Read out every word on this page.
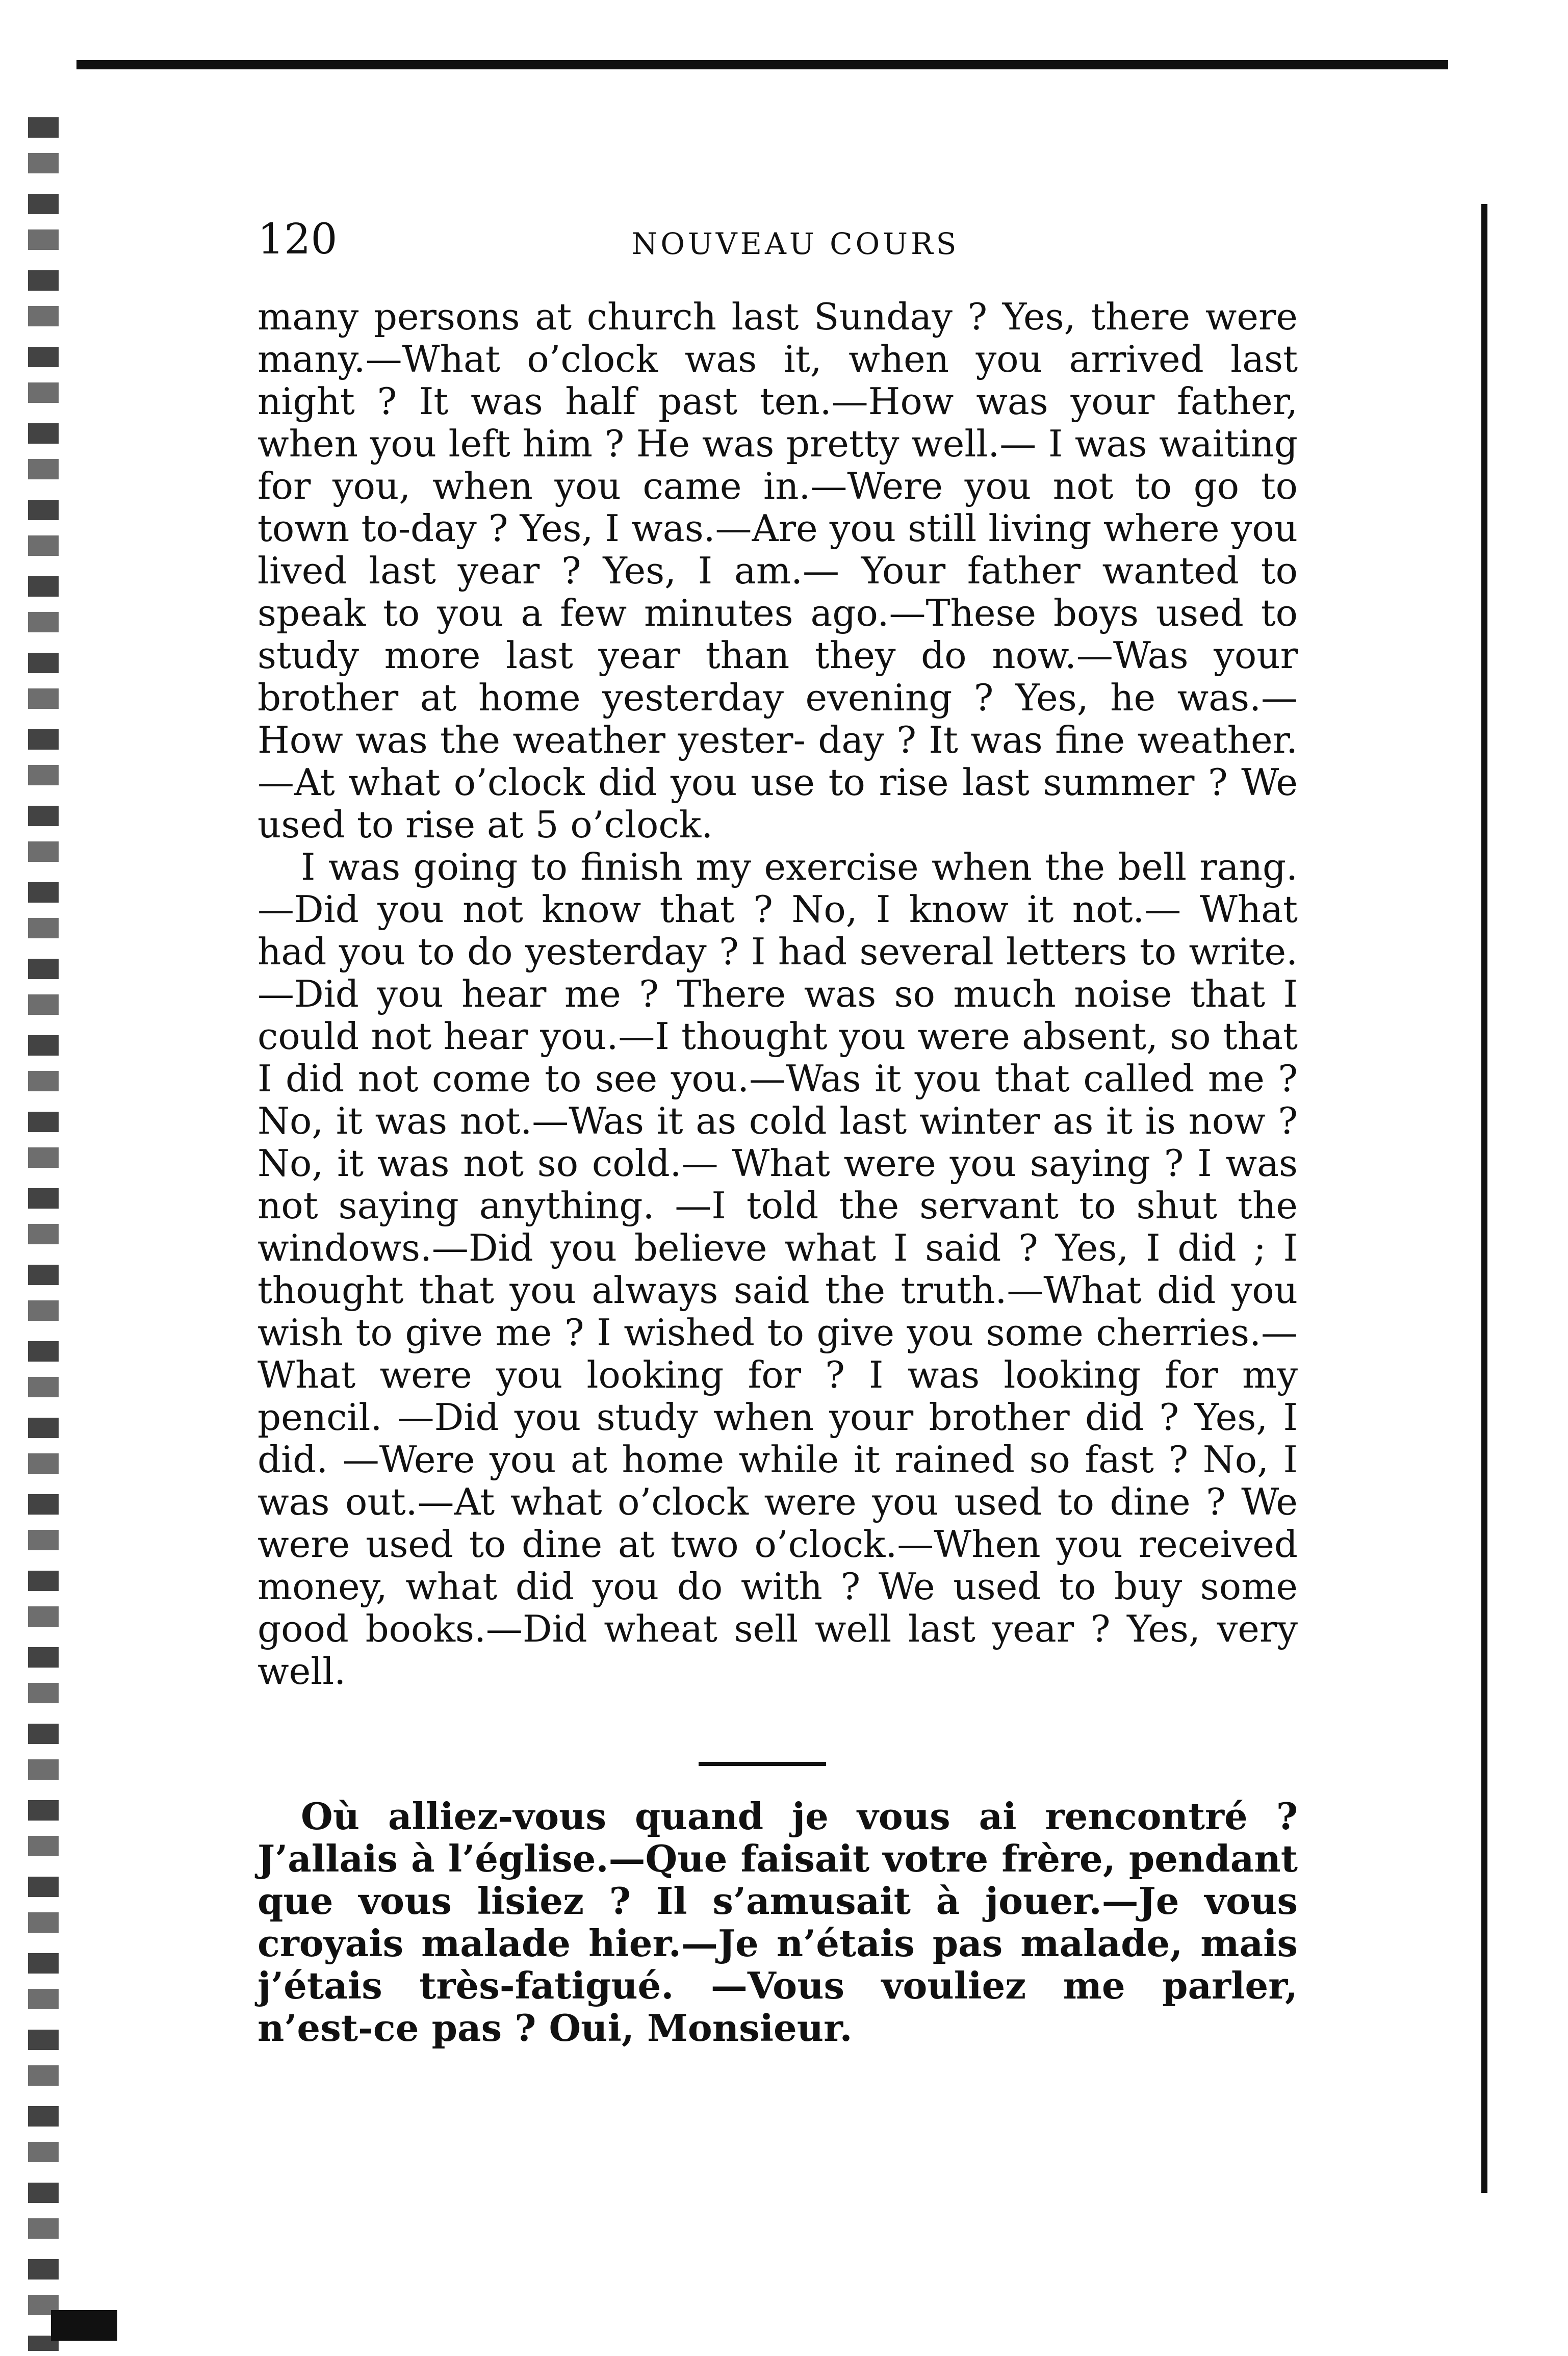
120	NOUVEAU COURS

many persons at church last Sunday ? Yes, there were many.—What o’clock was it, when you arrived last night ? It was half past ten.—How was your father, when you left him ? He was pretty well.— I was waiting for you, when you came in.—Were you not to go to town to-day ? Yes, I was.—Are you still living where you lived last year ? Yes, I am.— Your father wanted to speak to you a few minutes ago.—These boys used to study more last year than they do now.—Was your brother at home yesterday evening ? Yes, he was.—How was the weather yester- day ? It was fine weather.—At what o’clock did you use to rise last summer ? We used to rise at 5 o’clock.

I was going to finish my exercise when the bell rang.—Did you not know that ? No, I know it not.— What had you to do yesterday ? I had several letters to write.—Did you hear me ? There was so much noise that I could not hear you.—I thought you were absent, so that I did not come to see you.—Was it you that called me ? No, it was not.—Was it as cold last winter as it is now ? No, it was not so cold.— What were you saying ? I was not saying anything. —I told the servant to shut the windows.—Did you believe what I said ? Yes, I did ; I thought that you always said the truth.—What did you wish to give me ? I wished to give you some cherries.—What were you looking for ? I was looking for my pencil. —Did you study when your brother did ? Yes, I did. —Were you at home while it rained so fast ? No, I was out.—At what o’clock were you used to dine ? We were used to dine at two o’clock.—When you received money, what did you do with ? We used to buy some good books.—Did wheat sell well last year ? Yes, very well.

Où alliez-vous quand je vous ai rencontré ? J’allais à l’église.—Que faisait votre frère, pendant que vous lisiez ? Il s’amusait à jouer.—Je vous croyais malade hier.—Je n’étais pas malade, mais j’étais très-fatigué. —Vous vouliez me parler, n’est-ce pas ? Oui, Monsieur.
